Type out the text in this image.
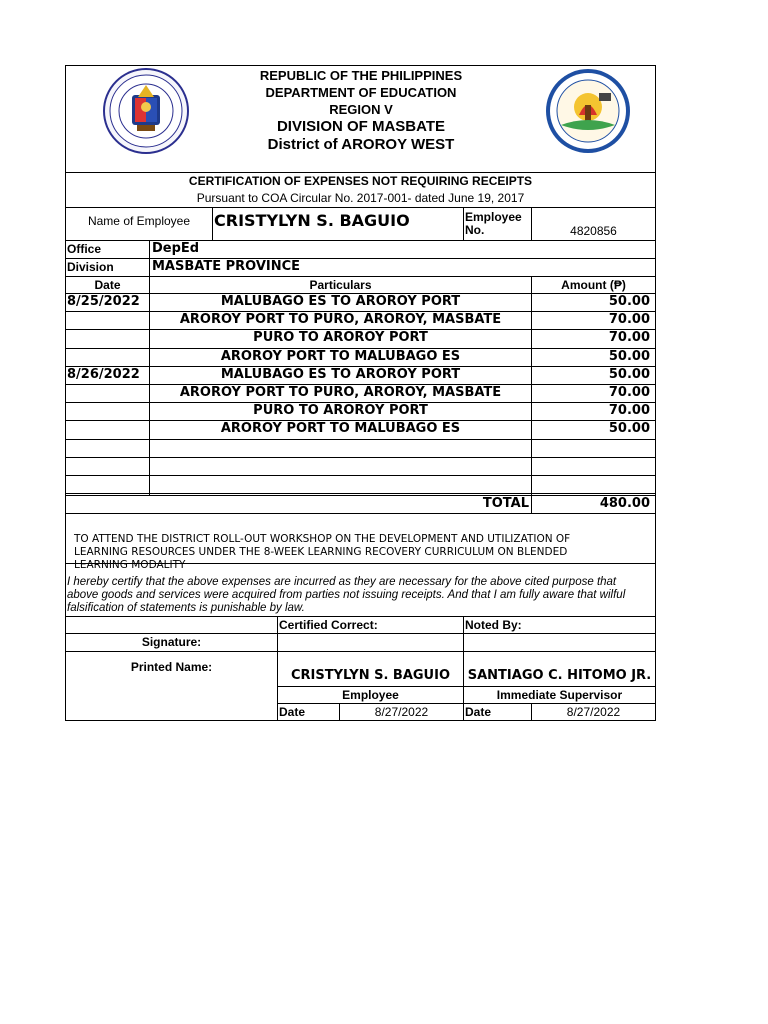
REPUBLIC OF THE PHILIPPINES
DEPARTMENT OF EDUCATION
REGION V
DIVISION OF MASBATE
District of AROROY WEST
CERTIFICATION OF EXPENSES NOT REQUIRING RECEIPTS
Pursuant to COA Circular No. 2017-001- dated June 19, 2017
Name of Employee	CRISTYLYN S. BAGUIO	Employee
No.	4820856
Office	DepEd
Division	MASBATE PROVINCE
Date	Particulars	Amount (₱)
8/25/2022	MALUBAGO ES TO AROROY PORT	50.00
AROROY PORT TO PURO, AROROY, MASBATE	70.00
PURO TO AROROY PORT	70.00
AROROY PORT TO MALUBAGO ES	50.00
8/26/2022	MALUBAGO ES TO AROROY PORT	50.00
AROROY PORT TO PURO, AROROY, MASBATE	70.00
PURO TO AROROY PORT	70.00
AROROY PORT TO MALUBAGO ES	50.00
TOTAL	480.00
TO ATTEND THE DISTRICT ROLL-OUT WORKSHOP ON THE DEVELOPMENT AND UTILIZATION OF
LEARNING RESOURCES UNDER THE 8-WEEK LEARNING RECOVERY CURRICULUM ON BLENDED
LEARNING MODALITY
I hereby certify that the above expenses are incurred as they are necessary for the above cited purpose that
above goods and services were acquired from parties not issuing receipts. And that I am fully aware that wilful
falsification of statements is punishable by law.
Certified Correct:	Noted By:
Signature:
Printed Name:
CRISTYLYN S. BAGUIO	SANTIAGO C. HITOMO JR.
Employee	Immediate Supervisor
Date	8/27/2022	Date	8/27/2022
